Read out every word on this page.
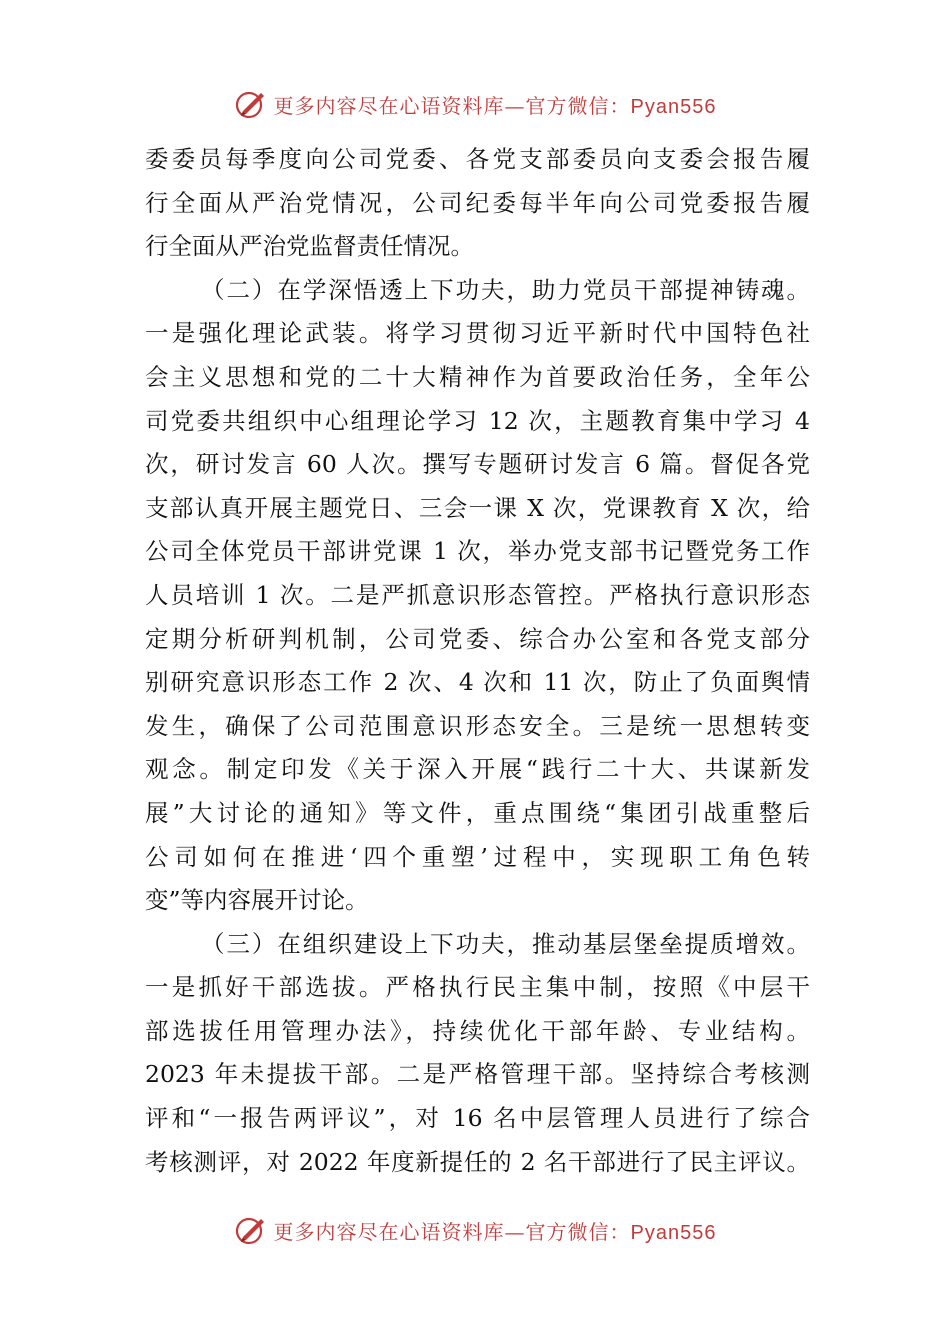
更多内容尽在心语资料库—官方微信：Pyan556
委委员每季度向公司党委、各党支部委员向支委会报告履
行全面从严治党情况，公司纪委每半年向公司党委报告履
行全面从严治党监督责任情况。
（二）在学深悟透上下功夫，助力党员干部提神铸魂。
一是强化理论武装。将学习贯彻习近平新时代中国特色社
会主义思想和党的二十大精神作为首要政治任务，全年公
司党委共组织中心组理论学习 12 次，主题教育集中学习 4
次，研讨发言 60 人次。撰写专题研讨发言 6 篇。督促各党
支部认真开展主题党日、三会一课 X 次，党课教育 X 次，给
公司全体党员干部讲党课 1 次，举办党支部书记暨党务工作
人员培训 1 次。二是严抓意识形态管控。严格执行意识形态
定期分析研判机制，公司党委、综合办公室和各党支部分
别研究意识形态工作 2 次、4 次和 11 次，防止了负面舆情
发生，确保了公司范围意识形态安全。三是统一思想转变
观念。制定印发《关于深入开展“践行二十大、共谋新发
展”大讨论的通知》等文件，重点围绕“集团引战重整后
公司如何在推进‘四个重塑’过程中，实现职工角色转
变”等内容展开讨论。
（三）在组织建设上下功夫，推动基层堡垒提质增效。
一是抓好干部选拔。严格执行民主集中制，按照《中层干
部选拔任用管理办法》，持续优化干部年龄、专业结构。
2023 年未提拔干部。二是严格管理干部。坚持综合考核测
评和“一报告两评议”，对 16 名中层管理人员进行了综合
考核测评，对 2022 年度新提任的 2 名干部进行了民主评议。
更多内容尽在心语资料库—官方微信：Pyan556
